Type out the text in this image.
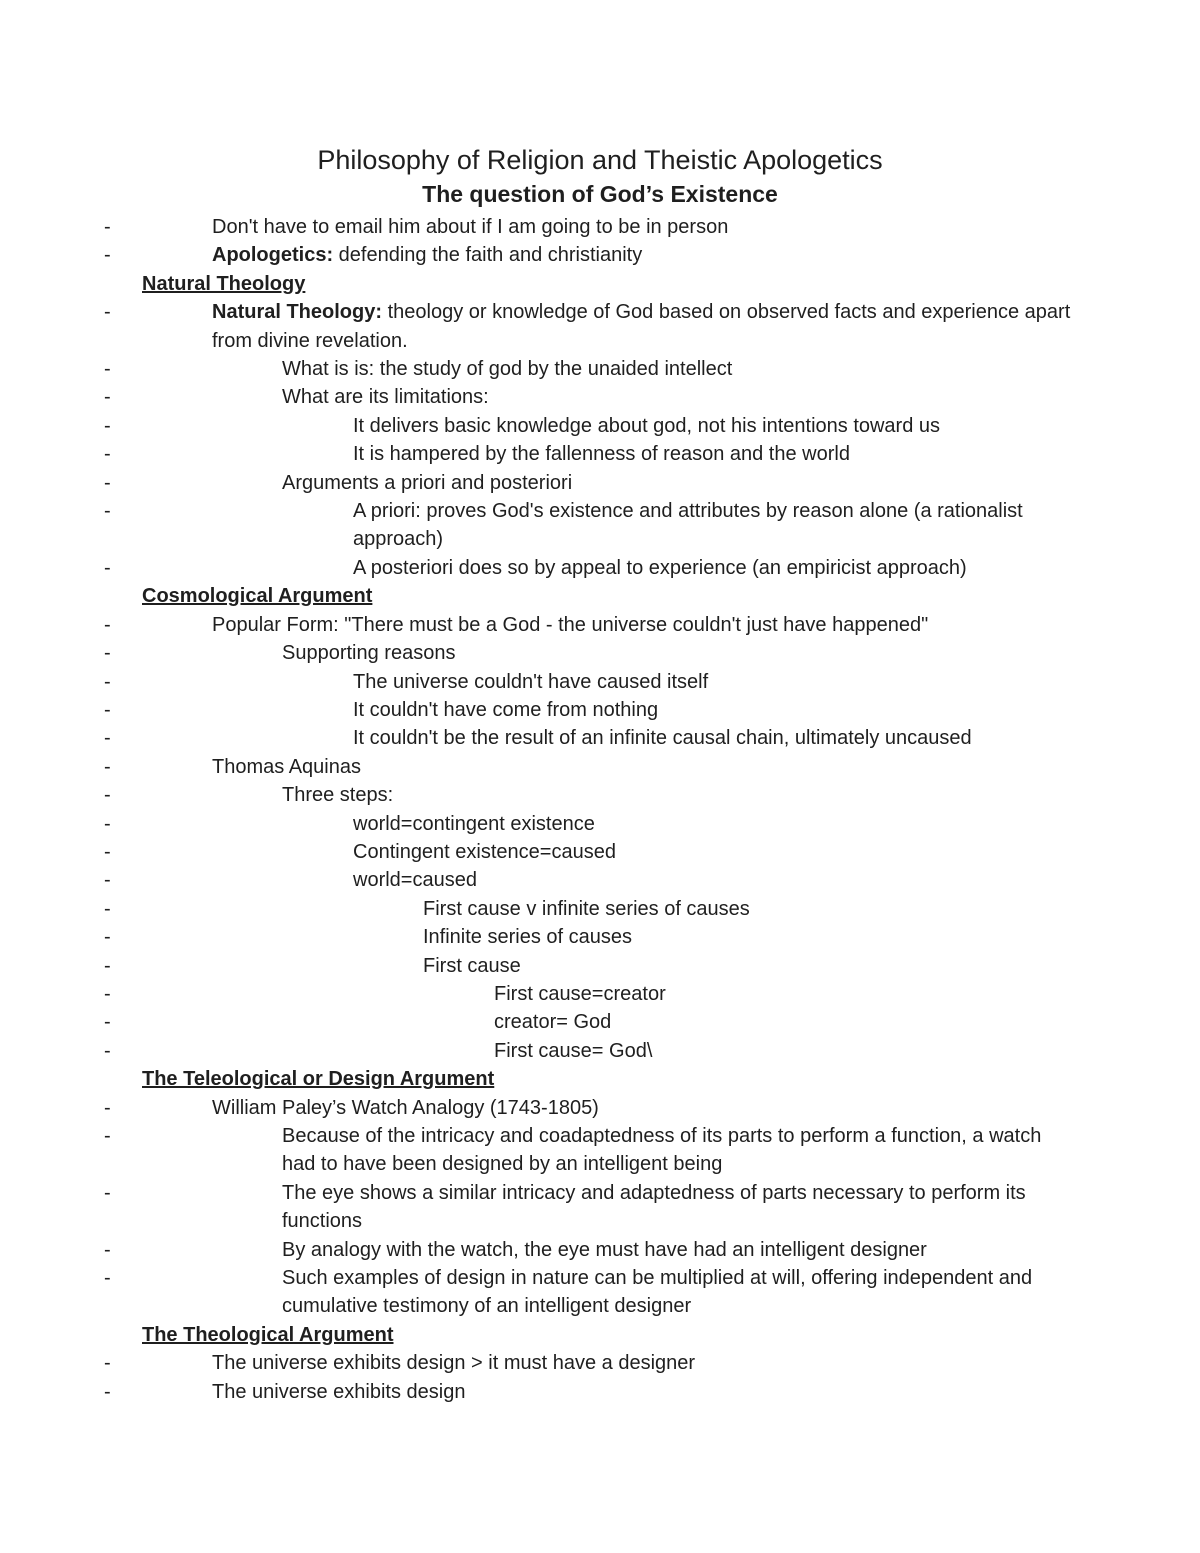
Philosophy of Religion and Theistic Apologetics
The question of God’s Existence
- Don't have to email him about if I am going to be in person
- Apologetics: defending the faith and christianity

Natural Theology

- Natural Theology: theology or knowledge of God based on observed facts and experience apart from divine revelation.
- What is is: the study of god by the unaided intellect
- What are its limitations:
- It delivers basic knowledge about god, not his intentions toward us
- It is hampered by the fallenness of reason and the world
- Arguments a priori and posteriori
- A priori: proves God's existence and attributes by reason alone (a rationalist approach)
- A posteriori does so by appeal to experience (an empiricist approach)

Cosmological Argument

- Popular Form: "There must be a God - the universe couldn't just have happened"
- Supporting reasons
- The universe couldn't have caused itself
- It couldn't have come from nothing
- It couldn't be the result of an infinite causal chain, ultimately uncaused
- Thomas Aquinas
- Three steps:
- world=contingent existence
- Contingent existence=caused
- world=caused
- First cause v infinite series of causes
- Infinite series of causes
- First cause
- First cause=creator
- creator= God
- First cause= God\

The Teleological or Design Argument

- William Paley’s Watch Analogy (1743-1805)
- Because of the intricacy and coadaptedness of its parts to perform a function, a watch had to have been designed by an intelligent being
- The eye shows a similar intricacy and adaptedness of parts necessary to perform its functions
- By analogy with the watch, the eye must have had an intelligent designer
- Such examples of design in nature can be multiplied at will, offering independent and cumulative testimony of an intelligent designer

The Theological Argument

- The universe exhibits design > it must have a designer
- The universe exhibits design
